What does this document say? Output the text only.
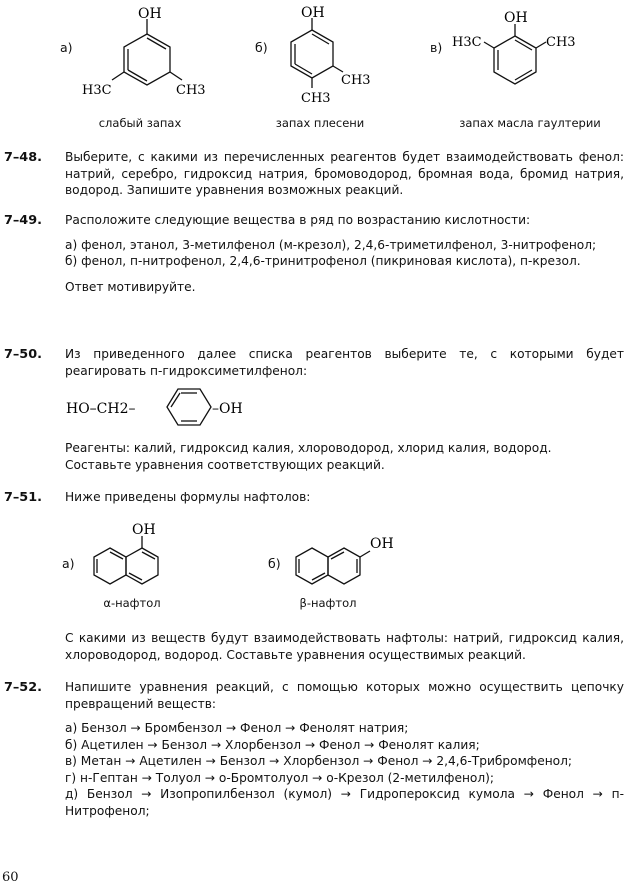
а)
OH
H3C	CH3
слабый запах
б)
OH
CH3
CH3
запах плесени
в)
OH
H3C	CH3
запах масла гаултерии
7–48. Выберите, с какими из перечисленных реагентов будет взаимодействовать фенол: натрий, серебро, гидроксид натрия, бромоводород, бромная вода, бромид натрия, водород. Запишите уравнения возможных реакций.
7–49. Расположите следующие вещества в ряд по возрастанию кислотности:

а) фенол, этанол, 3-метилфенол (м-крезол), 2,4,6-триметилфенол, 3-нитрофенол;

б) фенол, п-нитрофенол, 2,4,6-тринитрофенол (пикриновая кислота), п-крезол.

Ответ мотивируйте.

7–50. Из приведенного далее списка реагентов выберите те, с которыми будет реагировать п-гидроксиметилфенол:
HO–CH2–	–OH

Реагенты: калий, гидроксид калия, хлороводород, хлорид калия, водород.

Составьте уравнения соответствующих реакций.

7–51. Ниже приведены формулы нафтолов:
а)
OH
α-нафтол
б)
OH
β-нафтол
С какими из веществ будут взаимодействовать нафтолы: натрий, гидроксид калия, хлороводород, водород. Составьте уравнения осуществимых реакций.
7–52. Напишите уравнения реакций, с помощью которых можно осуществить цепочку превращений веществ:

а) Бензол → Бромбензол → Фенол → Фенолят натрия;

б) Ацетилен → Бензол → Хлорбензол → Фенол → Фенолят калия;

в) Метан → Ацетилен → Бензол → Хлорбензол → Фенол → 2,4,6-Трибромфенол;

г) н-Гептан → Толуол → о-Бромтолуол → о-Крезол (2-метилфенол);

д) Бензол → Изопропилбензол (кумол) → Гидропероксид кумола → Фенол → п-Нитрофенол;

60
